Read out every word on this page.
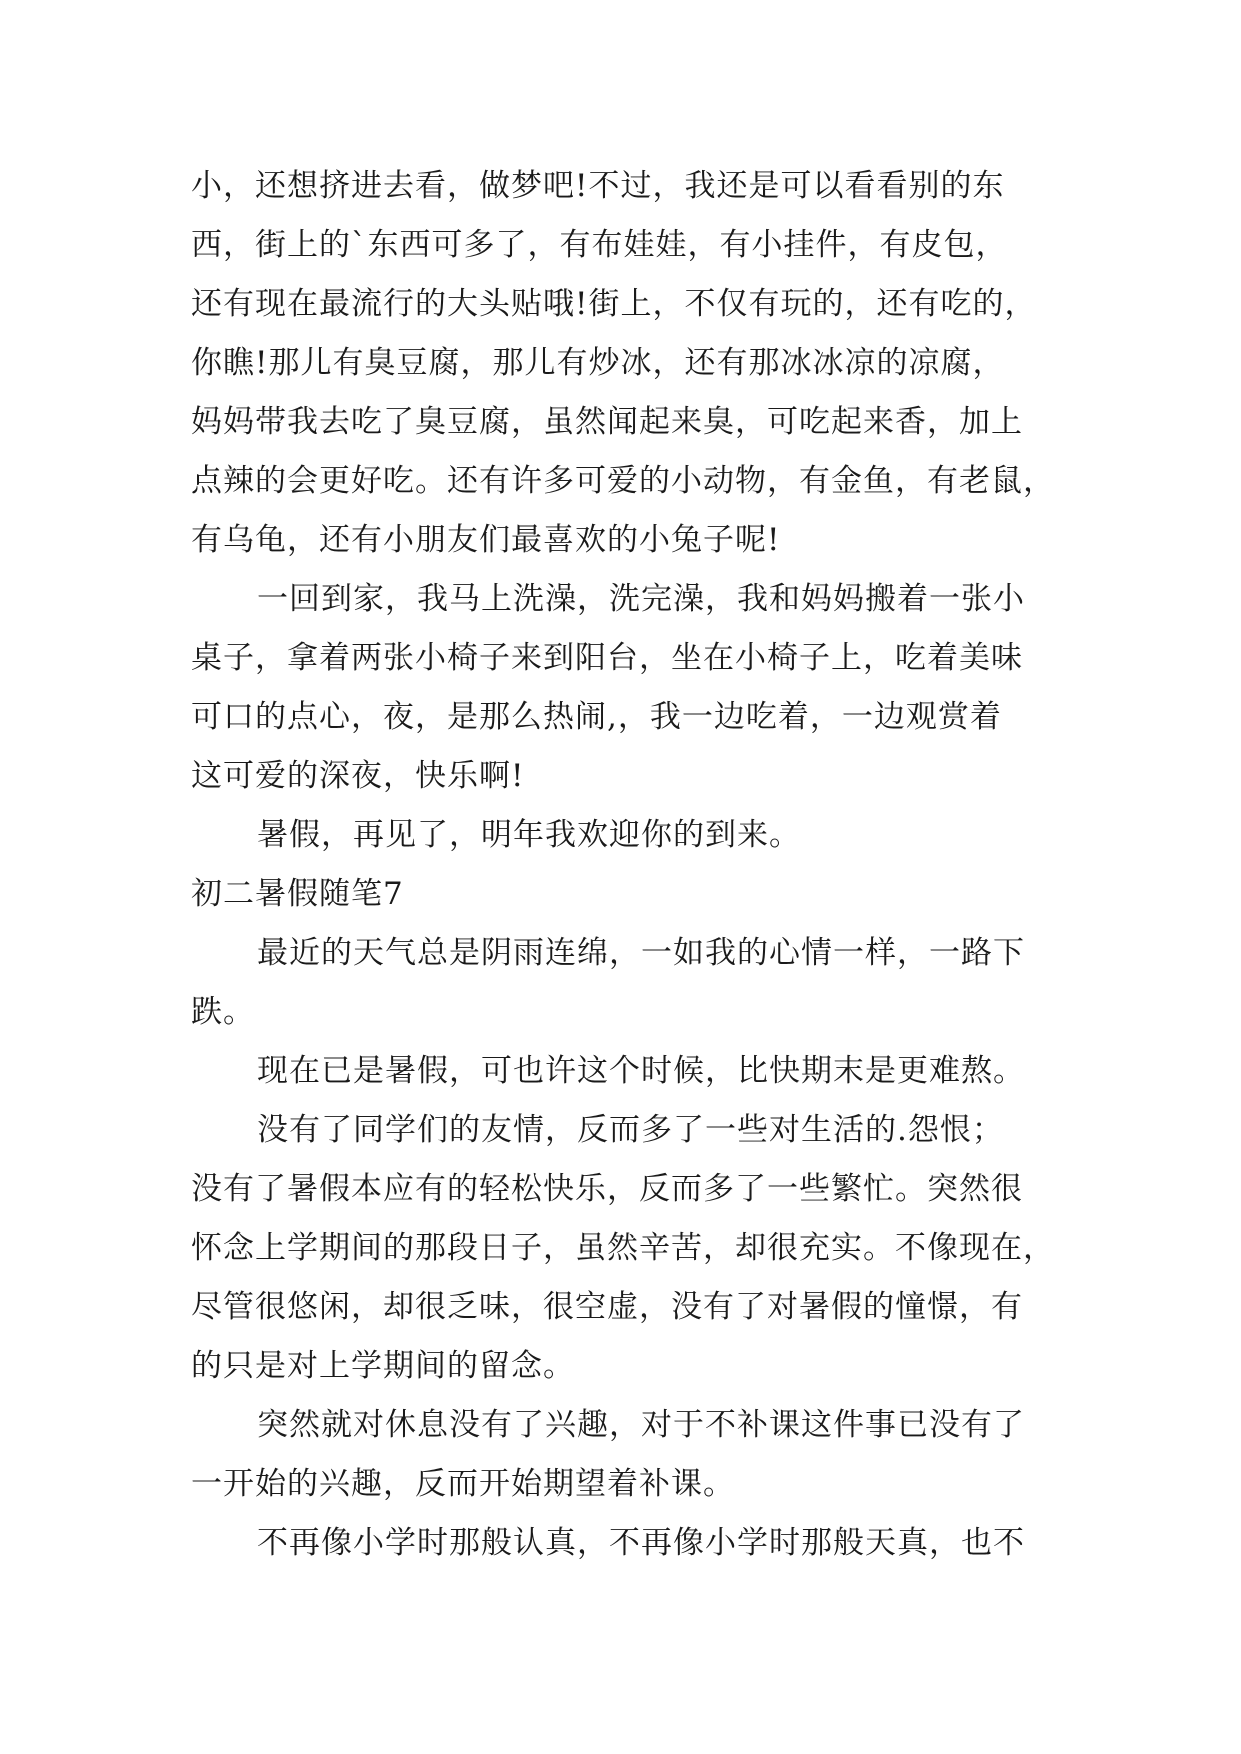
小，还想挤进去看，做梦吧!不过，我还是可以看看别的东
西，街上的`东西可多了，有布娃娃，有小挂件，有皮包，
还有现在最流行的大头贴哦!街上，不仅有玩的，还有吃的，
你瞧!那儿有臭豆腐，那儿有炒冰，还有那冰冰凉的凉腐，
妈妈带我去吃了臭豆腐，虽然闻起来臭，可吃起来香，加上
点辣的会更好吃。还有许多可爱的小动物，有金鱼，有老鼠，
有乌龟，还有小朋友们最喜欢的小兔子呢!
一回到家，我马上洗澡，洗完澡，我和妈妈搬着一张小
桌子，拿着两张小椅子来到阳台，坐在小椅子上，吃着美味
可口的点心，夜，是那么热闹,，我一边吃着，一边观赏着
这可爱的深夜，快乐啊!
暑假，再见了，明年我欢迎你的到来。
初二暑假随笔7
最近的天气总是阴雨连绵，一如我的心情一样，一路下
跌。
现在已是暑假，可也许这个时候，比快期末是更难熬。
没有了同学们的友情，反而多了一些对生活的.怨恨；
没有了暑假本应有的轻松快乐，反而多了一些繁忙。突然很
怀念上学期间的那段日子，虽然辛苦，却很充实。不像现在，
尽管很悠闲，却很乏味，很空虚，没有了对暑假的憧憬，有
的只是对上学期间的留念。
突然就对休息没有了兴趣，对于不补课这件事已没有了
一开始的兴趣，反而开始期望着补课。
不再像小学时那般认真，不再像小学时那般天真，也不
